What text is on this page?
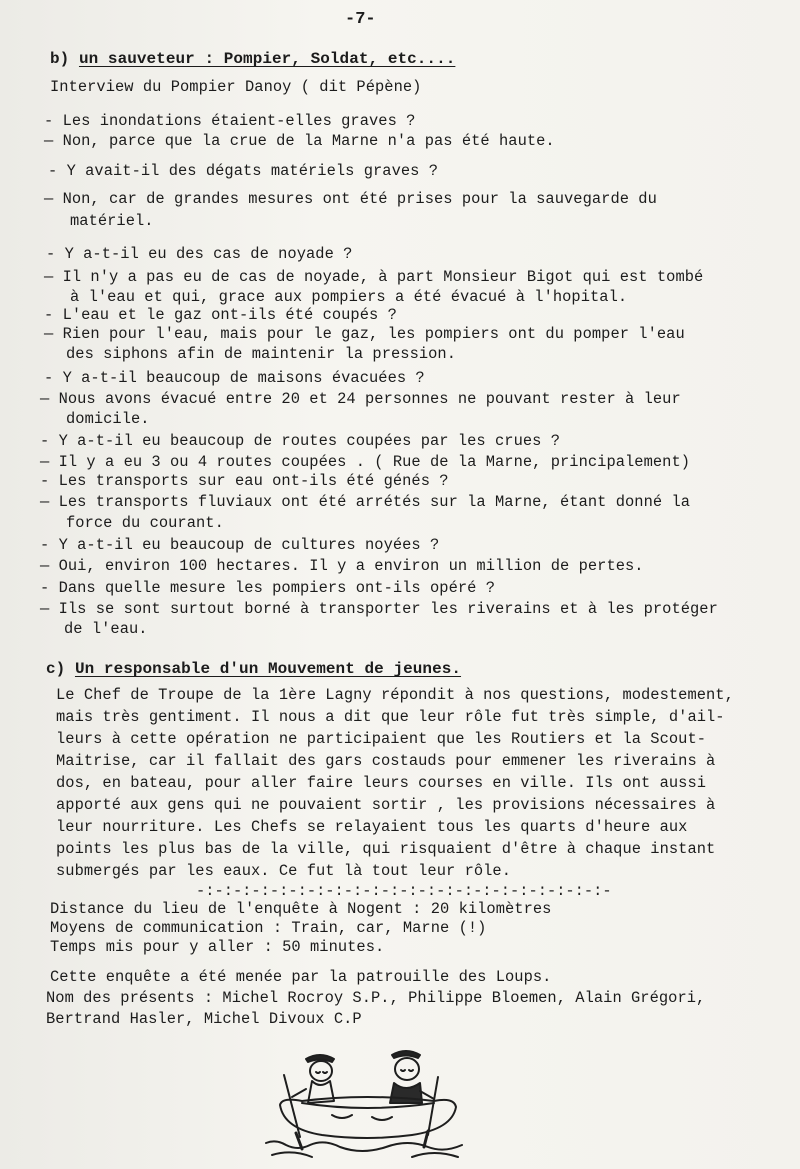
-7-
b) un sauveteur : Pompier, Soldat, etc....
Interview du Pompier Danoy ( dit Pépène)
- Les inondations étaient-elles graves ?
— Non, parce que la crue de la Marne n'a pas été haute.
- Y avait-il des dégats matériels graves ?
— Non, car de grandes mesures ont été prises pour la sauvegarde du
matériel.
- Y a-t-il eu des cas de noyade ?
— Il n'y a pas eu de cas de noyade, à part Monsieur Bigot qui est tombé
à l'eau et qui, grace aux pompiers a été évacué à l'hopital.
- L'eau et le gaz ont-ils été coupés ?
— Rien pour l'eau, mais pour le gaz, les pompiers ont du pomper l'eau
des siphons afin de maintenir la pression.
- Y a-t-il beaucoup de maisons évacuées ?
— Nous avons évacué entre 20 et 24 personnes ne pouvant rester à leur
domicile.
- Y a-t-il eu beaucoup de routes coupées par les crues ?
— Il y a eu 3 ou 4 routes coupées . ( Rue de la Marne, principalement)
- Les transports sur eau ont-ils été génés ?
— Les transports fluviaux ont été arrétés sur la Marne, étant donné la
force du courant.
- Y a-t-il eu beaucoup de cultures noyées ?
— Oui, environ 100 hectares. Il y a environ un million de pertes.
- Dans quelle mesure les pompiers ont-ils opéré ?
— Ils se sont surtout borné à transporter les riverains et à les protéger
de l'eau.
c) Un responsable d'un Mouvement de jeunes.
Le Chef de Troupe de la 1ère Lagny répondit à nos questions, modestement,
mais très gentiment. Il nous a dit que leur rôle fut très simple, d'ail-
leurs à cette opération ne participaient que les Routiers et la Scout-
Maitrise, car il fallait des gars costauds pour emmener les riverains à
dos, en bateau, pour aller faire leurs courses en ville. Ils ont aussi
apporté aux gens qui ne pouvaient sortir , les provisions nécessaires à
leur nourriture. Les Chefs se relayaient tous les quarts d'heure aux
points les plus bas de la ville, qui risquaient d'être à chaque instant
submergés par les eaux. Ce fut là tout leur rôle.
-:-:-:-:-:-:-:-:-:-:-:-:-:-:-:-:-:-:-:-:-:-:-
Distance du lieu de l'enquête à Nogent : 20 kilomètres
Moyens de communication : Train, car, Marne (!)
Temps mis pour y aller : 50 minutes.
Cette enquête a été menée par la patrouille des Loups.
Nom des présents : Michel Rocroy S.P., Philippe Bloemen, Alain Grégori,
Bertrand Hasler, Michel Divoux C.P
